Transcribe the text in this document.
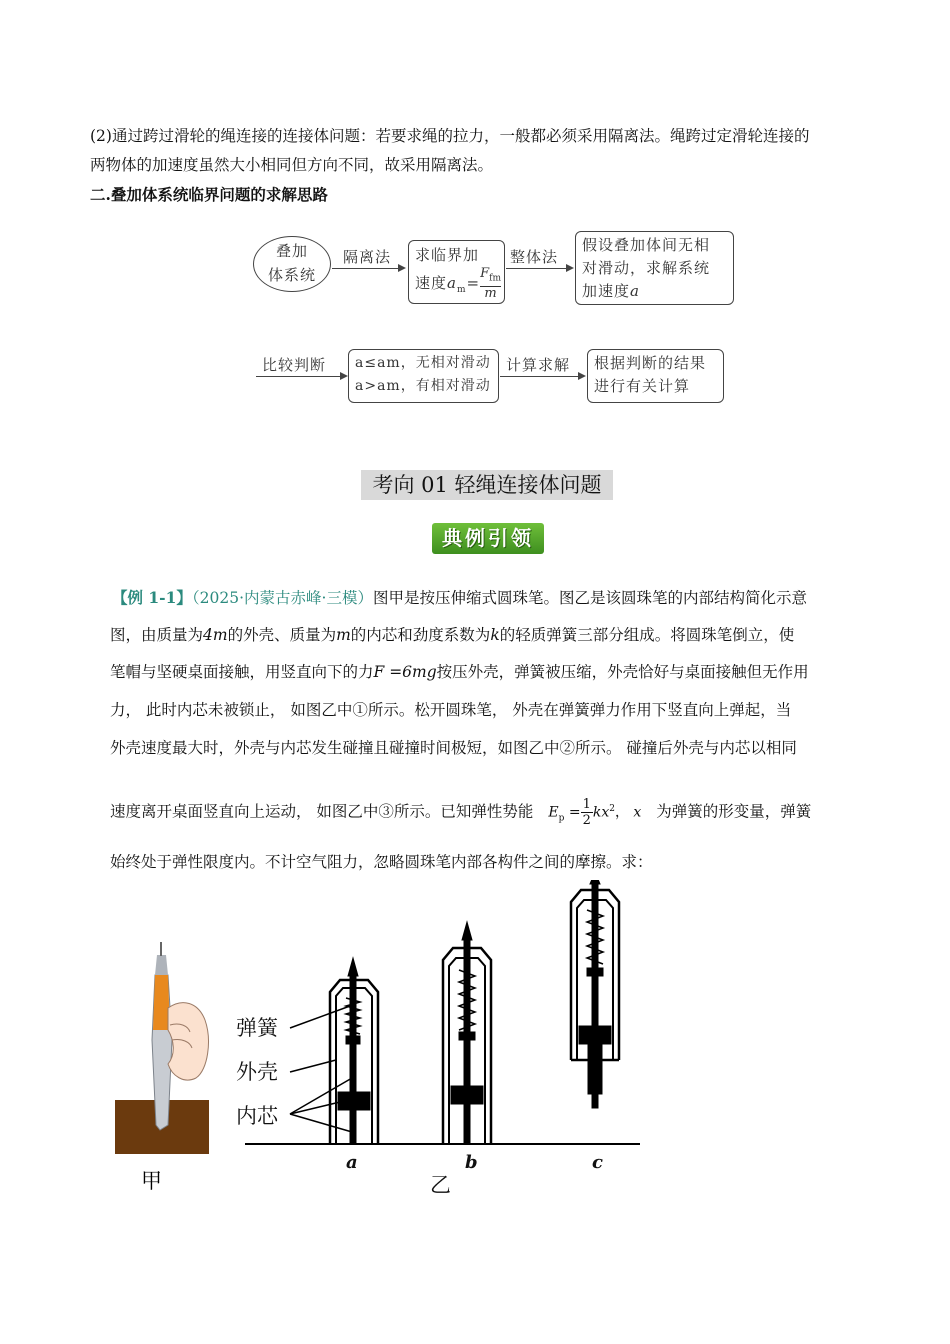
(2)通过跨过滑轮的绳连接的连接体问题：若要求绳的拉力，一般都必须采用隔离法。绳跨过定滑轮连接的
两物体的加速度虽然大小相同但方向不同，故采用隔离法。
二.叠加体系统临界问题的求解思路
叠加
体系统
隔离法 求临界加
速度$a_m=$
$F_{fm}$
m
整体法
假设叠加体间无相
对滑动，求解系统
加速度a
比较判断 a≤am，无相对滑动
a>am，有相对滑动
计算求解 根据判断的结果
进行有关计算
考向 01 轻绳连接体问题
典例引领
【例 1-1】（2025·内蒙古赤峰·三模）图甲是按压伸缩式圆珠笔。图乙是该圆珠笔的内部结构简化示意
图，由质量为4m的外壳、质量为m的内芯和劲度系数为k的轻质弹簧三部分组成。将圆珠笔倒立，使
笔帽与坚硬桌面接触，用竖直向下的力F =6mg按压外壳，弹簧被压缩，外壳恰好与桌面接触但无作用
力， 此时内芯未被锁止， 如图乙中①所示。松开圆珠笔， 外壳在弹簧弹力作用下竖直向上弹起，当
外壳速度最大时，外壳与内芯发生碰撞且碰撞时间极短，如图乙中②所示。 碰撞后外壳与内芯以相同
速度离开桌面竖直向上运动， 如图乙中③所示。已知弹性势能 $E_p = 1$
2 $kx^2$， x 为弹簧的形变量，弹簧
始终处于弹性限度内。不计空气阻力，忽略圆珠笔内部各构件之间的摩擦。求：
甲
弹簧
外壳
内芯
a	b	c
乙
